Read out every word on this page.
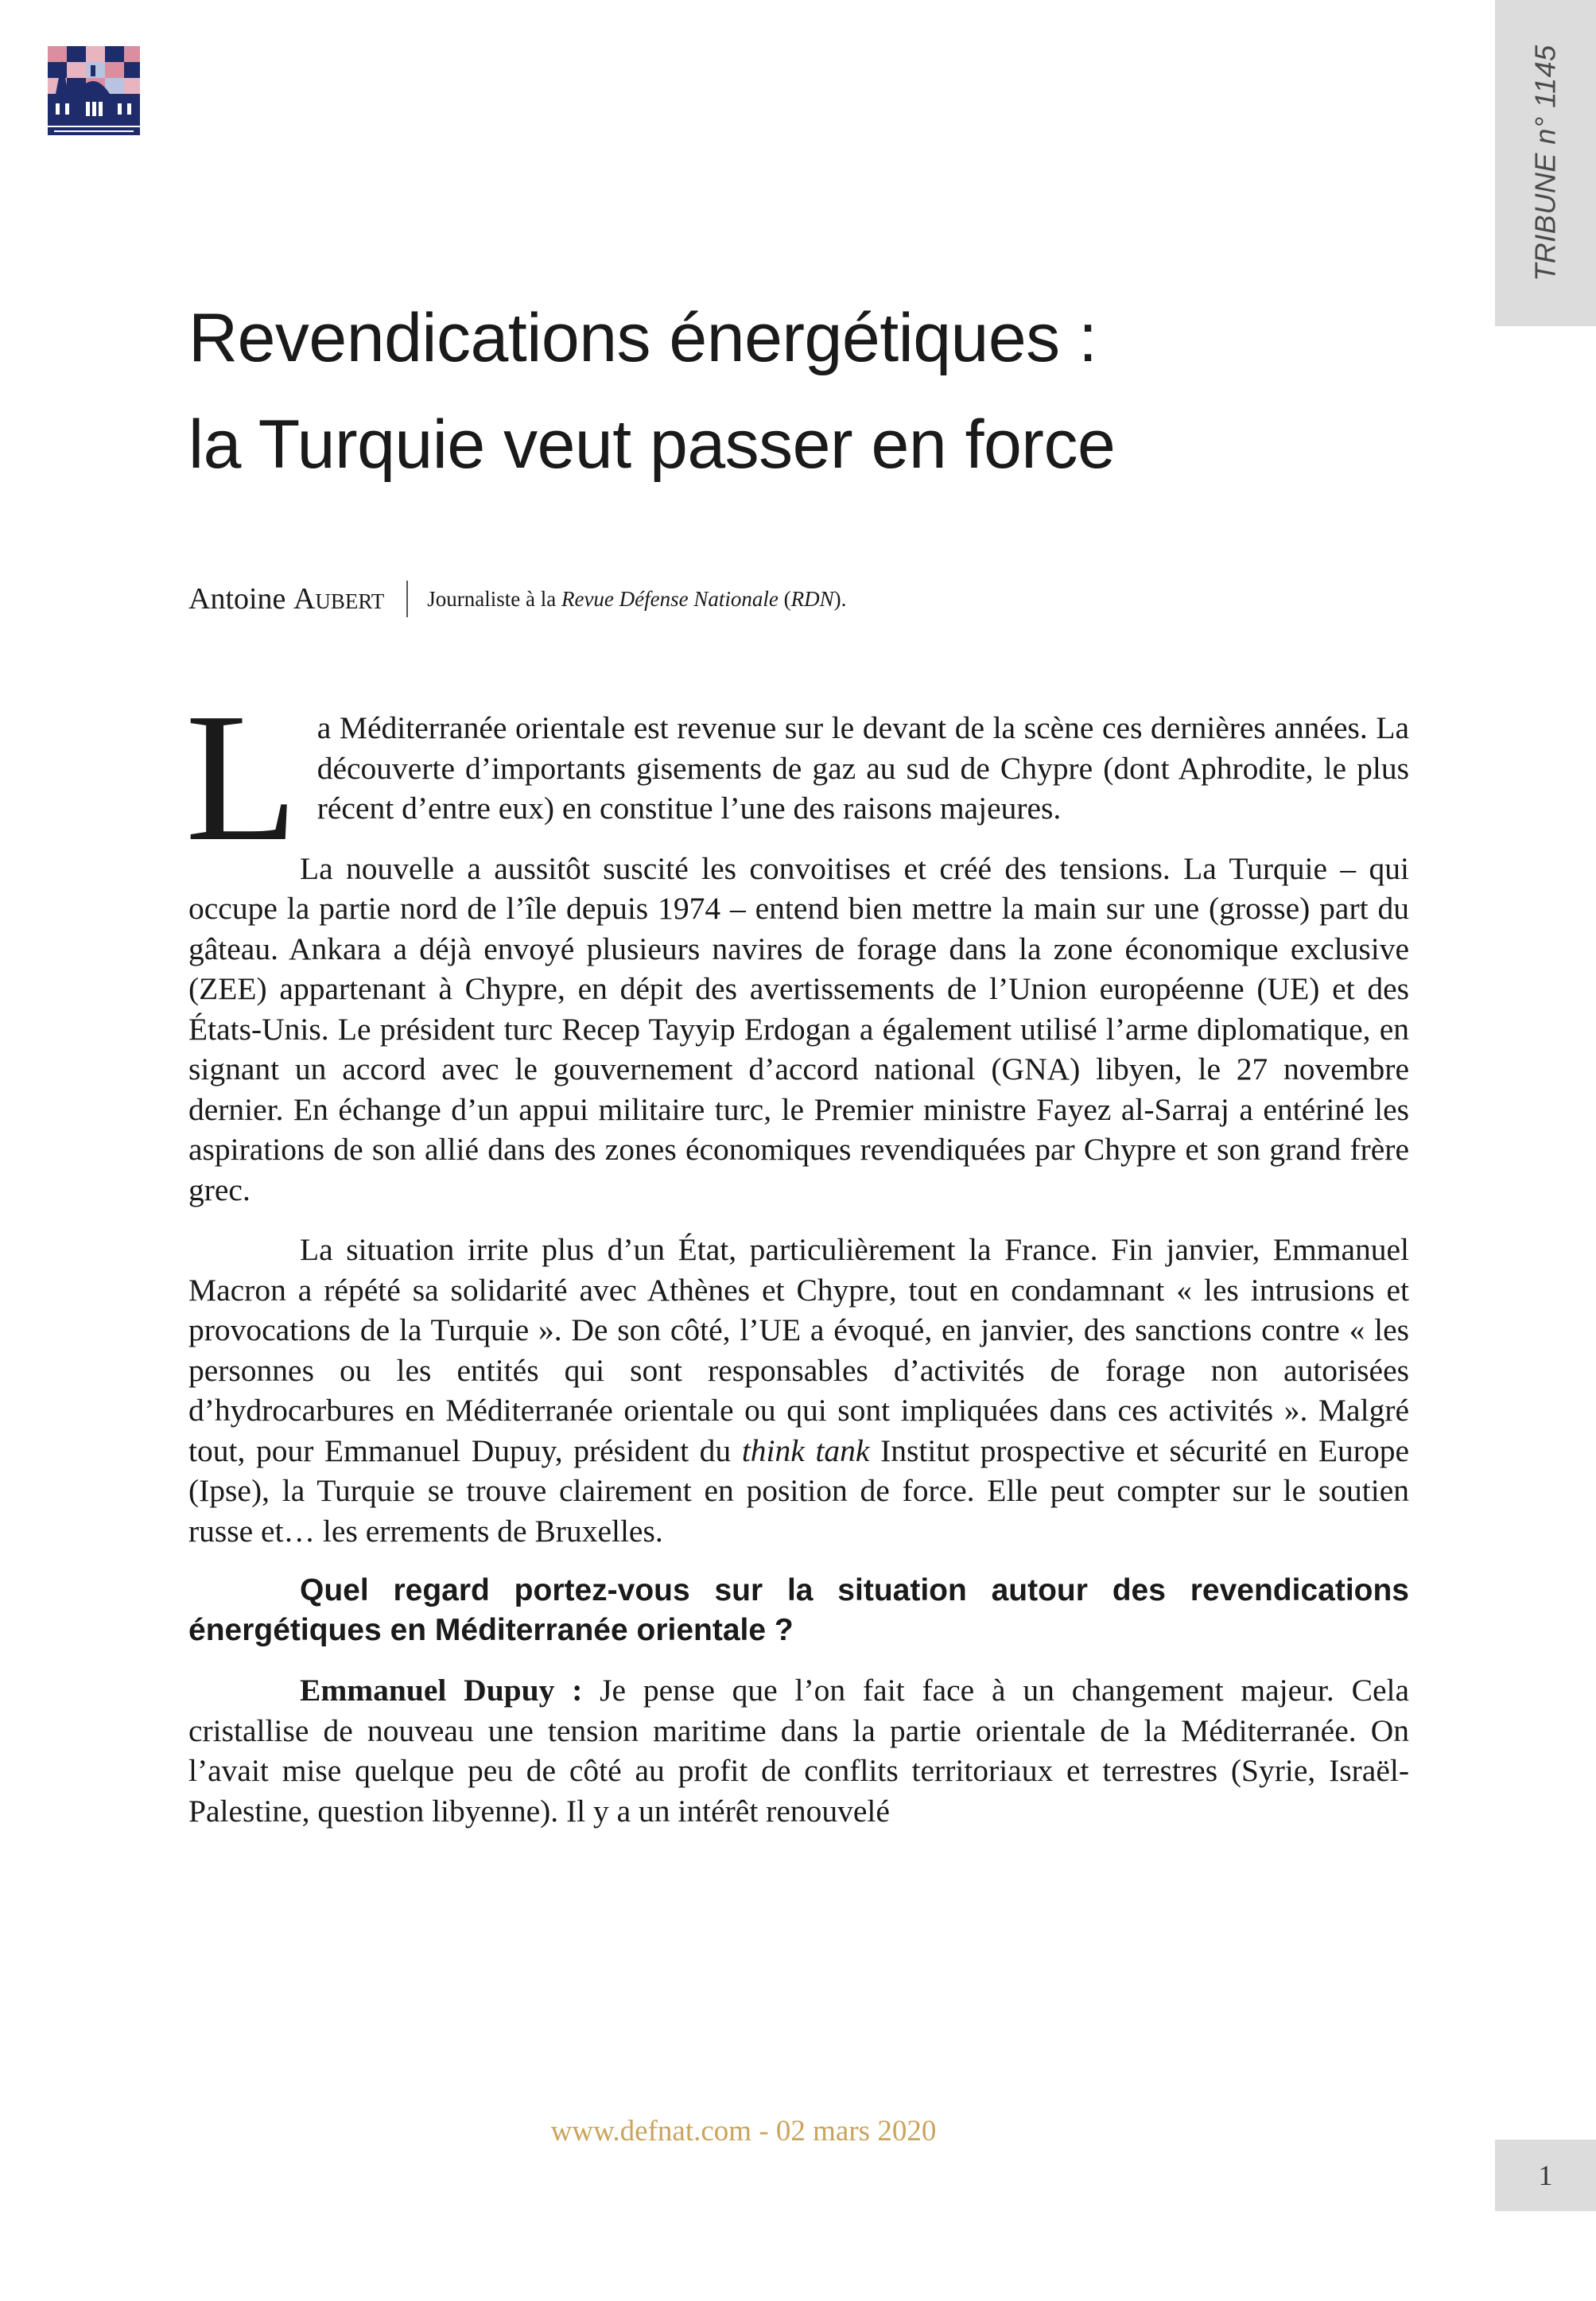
TRIBUNE n° 1145
Revendications énergétiques :
la Turquie veut passer en force
Antoine Aubert Journaliste à la Revue Défense Nationale (RDN).

La Méditerranée orientale est revenue sur le devant de la scène ces dernières années. La découverte d’importants gisements de gaz au sud de Chypre (dont Aphrodite, le plus récent d’entre eux) en constitue l’une des raisons majeures.

La nouvelle a aussitôt suscité les convoitises et créé des tensions. La Turquie – qui occupe la partie nord de l’île depuis 1974 – entend bien mettre la main sur une (grosse) part du gâteau. Ankara a déjà envoyé plusieurs navires de forage dans la zone économique exclusive (ZEE) appartenant à Chypre, en dépit des avertissements de l’Union européenne (UE) et des États-Unis. Le président turc Recep Tayyip Erdogan a également utilisé l’arme diplomatique, en signant un accord avec le gouvernement d’accord national (GNA) libyen, le 27 novembre dernier. En échange d’un appui militaire turc, le Premier ministre Fayez al-Sarraj a entériné les aspirations de son allié dans des zones économiques revendiquées par Chypre et son grand frère grec.

La situation irrite plus d’un État, particulièrement la France. Fin janvier, Emmanuel Macron a répété sa solidarité avec Athènes et Chypre, tout en condamnant « les intrusions et provocations de la Turquie ». De son côté, l’UE a évoqué, en janvier, des sanctions contre « les personnes ou les entités qui sont responsables d’activités de forage non autorisées d’hydrocarbures en Méditerranée orientale ou qui sont impliquées dans ces activités ». Malgré tout, pour Emmanuel Dupuy, président du think tank Institut prospective et sécurité en Europe (Ipse), la Turquie se trouve clairement en position de force. Elle peut compter sur le soutien russe et… les errements de Bruxelles.

Quel regard portez-vous sur la situation autour des revendications énergétiques en Méditerranée orientale ?

Emmanuel Dupuy : Je pense que l’on fait face à un changement majeur. Cela cristallise de nouveau une tension maritime dans la partie orientale de la Méditerranée. On l’avait mise quelque peu de côté au profit de conflits territoriaux et terrestres (Syrie, Israël-Palestine, question libyenne). Il y a un intérêt renouvelé

www.defnat.com - 02 mars 2020
1
